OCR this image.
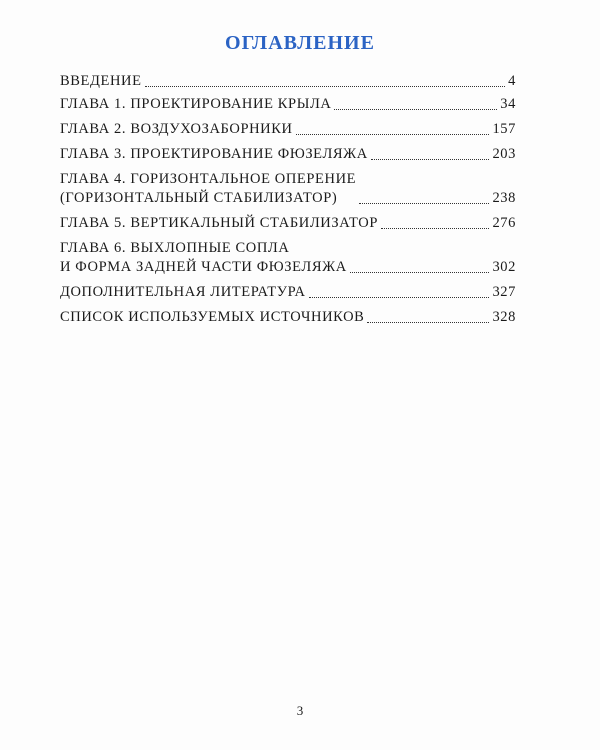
ОГЛАВЛЕНИЕ
ВВЕДЕНИЕ	4
ГЛАВА 1. ПРОЕКТИРОВАНИЕ КРЫЛА	34
ГЛАВА 2. ВОЗДУХОЗАБОРНИКИ	157
ГЛАВА 3. ПРОЕКТИРОВАНИЕ ФЮЗЕЛЯЖА	203
ГЛАВА 4. ГОРИЗОНТАЛЬНОЕ ОПЕРЕНИЕ
(ГОРИЗОНТАЛЬНЫЙ СТАБИЛИЗАТОР)	238
ГЛАВА 5. ВЕРТИКАЛЬНЫЙ СТАБИЛИЗАТОР	276
ГЛАВА 6. ВЫХЛОПНЫЕ СОПЛА
И ФОРМА ЗАДНЕЙ ЧАСТИ ФЮЗЕЛЯЖА	302
ДОПОЛНИТЕЛЬНАЯ ЛИТЕРАТУРА	327
СПИСОК ИСПОЛЬЗУЕМЫХ ИСТОЧНИКОВ	328
3
